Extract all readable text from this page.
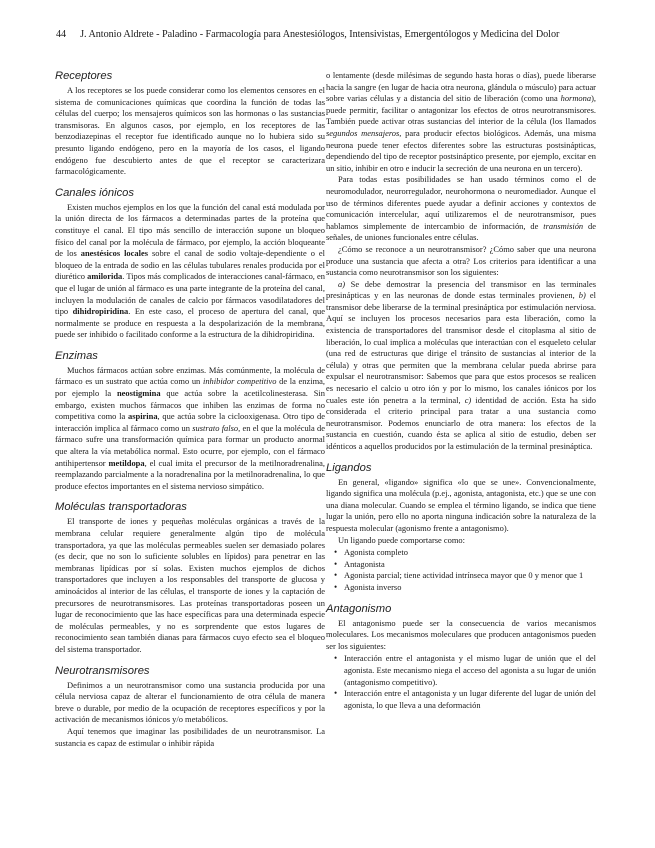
44 J. Antonio Aldrete - Paladino - Farmacología para Anestesiólogos, Intensivistas, Emergentólogos y Medicina del Dolor
Receptores

A los receptores se los puede considerar como los elementos censores en el sistema de comunicaciones químicas que coordina la función de todas las células del cuerpo; los mensajeros químicos son las hormonas o las sustancias transmisoras. En algunos casos, por ejemplo, en los receptores de las benzodiazepinas el receptor fue identificado aunque no lo hubiera sido su presunto ligando endógeno, pero en la mayoría de los casos, el ligando endógeno fue descubierto antes de que el receptor se caracterizara farmacológicamente.

Canales iónicos

Existen muchos ejemplos en los que la función del canal está modulada por la unión directa de los fármacos a determinadas partes de la proteína que constituye el canal. El tipo más sencillo de interacción supone un bloqueo físico del canal por la molécula de fármaco, por ejemplo, la acción bloqueante de los anestésicos locales sobre el canal de sodio voltaje-dependiente o el bloqueo de la entrada de sodio en las células tubulares renales producida por el diurético amilorida. Tipos más complicados de interacciones canal-fármaco, en que el lugar de unión al fármaco es una parte integrante de la proteína del canal, incluyen la modulación de canales de calcio por fármacos vasodilatadores del tipo dihidropiridina. En este caso, el proceso de apertura del canal, que normalmente se produce en respuesta a la despolarización de la membrana, puede ser inhibido o facilitado conforme a la estructura de la dihidropiridina.

Enzimas

Muchos fármacos actúan sobre enzimas. Más comúnmente, la molécula de fármaco es un sustrato que actúa como un inhibidor competitivo de la enzima, por ejemplo la neostigmina que actúa sobre la acetilcolinesterasa. Sin embargo, existen muchos fármacos que inhiben las enzimas de forma no competitiva como la aspirina, que actúa sobre la ciclooxigenasa. Otro tipo de interacción implica al fármaco como un sustrato falso, en el que la molécula de fármaco sufre una transformación química para formar un producto anormal que altera la vía metabólica normal. Esto ocurre, por ejemplo, con el fármaco antihipertensor metildopa, el cual imita el precursor de la metilnoradrenalina, reemplazando parcialmente a la noradrenalina por la metilnoradrenalina, lo que produce efectos importantes en el sistema nervioso simpático.

Moléculas transportadoras

El transporte de iones y pequeñas moléculas orgánicas a través de la membrana celular requiere generalmente algún tipo de molécula transportadora, ya que las moléculas permeables suelen ser demasiado polares (es decir, que no son lo suficiente solubles en lípidos) para penetrar en las membranas lipídicas por sí solas. Existen muchos ejemplos de dichos transportadores que incluyen a los responsables del transporte de glucosa y aminoácidos al interior de las células, el transporte de iones y la captación de precursores de neurotransmisores. Las proteínas transportadoras poseen un lugar de reconocimiento que las hace específicas para una determinada especie de moléculas permeables, y no es sorprendente que estos lugares de reconocimiento sean también dianas para fármacos cuyo efecto sea el bloqueo del sistema transportador.

Neurotransmisores

Definimos a un neurotransmisor como una sustancia producida por una célula nerviosa capaz de alterar el funcionamiento de otra célula de manera breve o durable, por medio de la ocupación de receptores específicos y por la activación de mecanismos iónicos y/o metabólicos.

Aquí tenemos que imaginar las posibilidades de un neurotransmisor. La sustancia es capaz de estimular o inhibir rápida

o lentamente (desde milésimas de segundo hasta horas o días), puede liberarse hacia la sangre (en lugar de hacia otra neurona, glándula o músculo) para actuar sobre varias células y a distancia del sitio de liberación (como una hormona), puede permitir, facilitar o antagonizar los efectos de otros neurotransmisores. También puede activar otras sustancias del interior de la célula (los llamados segundos mensajeros, para producir efectos biológicos. Además, una misma neurona puede tener efectos diferentes sobre las estructuras postsinápticas, dependiendo del tipo de receptor postsináptico presente, por ejemplo, excitar en un sitio, inhibir en otro e inducir la secreción de una neurona en un tercero).

Para todas estas posibilidades se han usado términos como el de neuromodulador, neurorregulador, neurohormona o neuromediador. Aunque el uso de términos diferentes puede ayudar a definir acciones y contextos de comunicación intercelular, aquí utilizaremos el de neurotransmisor, pues hablamos simplemente de intercambio de información, de transmisión de señales, de uniones funcionales entre células.

¿Cómo se reconoce a un neurotransmisor? ¿Cómo saber que una neurona produce una sustancia que afecta a otra? Los criterios para identificar a una sustancia como neurotransmisor son los siguientes:

a) Se debe demostrar la presencia del transmisor en las terminales presinápticas y en las neuronas de donde estas terminales provienen, b) el transmisor debe liberarse de la terminal presináptica por estimulación nerviosa. Aquí se incluyen los procesos necesarios para esta liberación, como la existencia de transportadores del transmisor desde el citoplasma al sitio de liberación, lo cual implica a moléculas que interactúan con el esqueleto celular (una red de estructuras que dirige el tránsito de sustancias al interior de la célula) y otras que permiten que la membrana celular pueda abrirse para expulsar el neurotransmisor: Sabemos que para que estos procesos se realicen es necesario el calcio u otro ión y por lo mismo, los canales iónicos por los cuales este ión penetra a la terminal, c) identidad de acción. Esta ha sido considerada el criterio principal para tratar a una sustancia como neurotransmisor. Podemos enunciarlo de otra manera: los efectos de la sustancia en cuestión, cuando ésta se aplica al sitio de estudio, deben ser idénticos a aquellos producidos por la estimulación de la terminal presináptica.

Ligandos

En general, «ligando» significa «lo que se une». Convencionalmente, ligando significa una molécula (p.ej., agonista, antagonista, etc.) que se une con una diana molecular. Cuando se emplea el término ligando, se indica que tiene lugar la unión, pero ello no aporta ninguna indicación sobre la naturaleza de la respuesta molecular (agonismo frente a antagonismo).

Un ligando puede comportarse como:

• Agonista completo
• Antagonista
• Agonista parcial; tiene actividad intrínseca mayor que 0 y menor que 1
• Agonista inverso
Antagonismo

El antagonismo puede ser la consecuencia de varios mecanismos moleculares. Los mecanismos moleculares que producen antagonismos pueden ser los siguientes:

• Interacción entre el antagonista y el mismo lugar de unión que el del agonista. Este mecanismo niega el acceso del agonista a su lugar de unión (antagonismo competitivo).
• Interacción entre el antagonista y un lugar diferente del lugar de unión del agonista, lo que lleva a una deformación
